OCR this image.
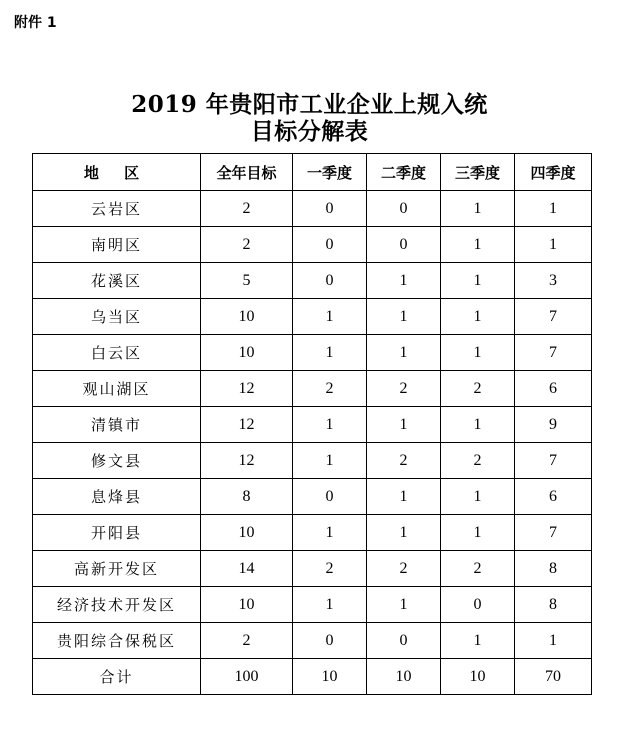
附件 1
2019 年贵阳市工业企业上规入统
目标分解表
地 区	全年目标	一季度	二季度	三季度	四季度
云岩区	2	0	0	1	1
南明区	2	0	0	1	1
花溪区	5	0	1	1	3
乌当区	10	1	1	1	7
白云区	10	1	1	1	7
观山湖区	12	2	2	2	6
清镇市	12	1	1	1	9
修文县	12	1	2	2	7
息烽县	8	0	1	1	6
开阳县	10	1	1	1	7
高新开发区	14	2	2	2	8
经济技术开发区	10	1	1	0	8
贵阳综合保税区	2	0	0	1	1
合计	100	10	10	10	70
